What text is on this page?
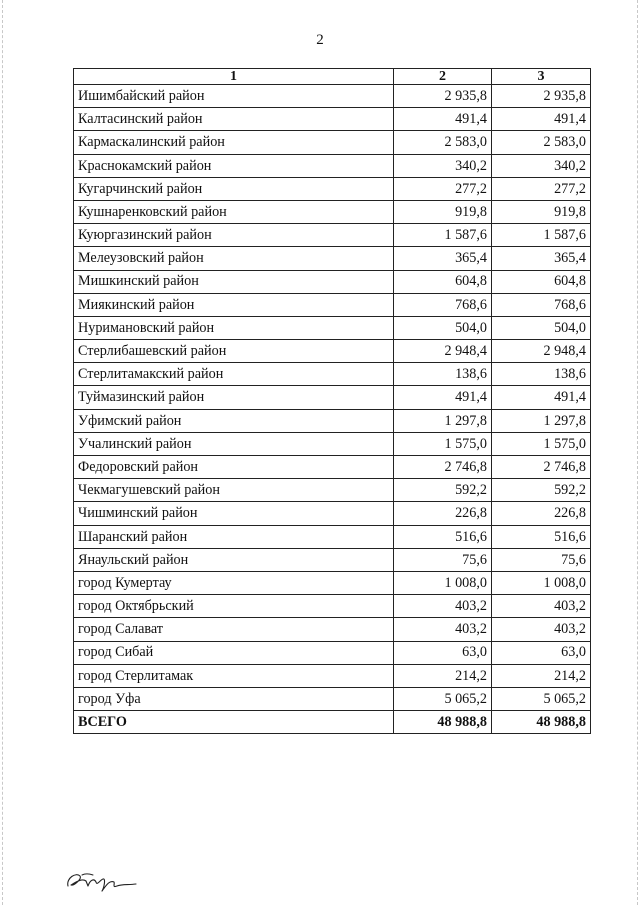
2
1	2	3
Ишимбайский район	2 935,8	2 935,8
Калтасинский район	491,4	491,4
Кармаскалинский район	2 583,0	2 583,0
Краснокамский район	340,2	340,2
Кугарчинский район	277,2	277,2
Кушнаренковский район	919,8	919,8
Куюргазинский район	1 587,6	1 587,6
Мелеузовский район	365,4	365,4
Мишкинский район	604,8	604,8
Миякинский район	768,6	768,6
Нуримановский район	504,0	504,0
Стерлибашевский район	2 948,4	2 948,4
Стерлитамакский район	138,6	138,6
Туймазинский район	491,4	491,4
Уфимский район	1 297,8	1 297,8
Учалинский район	1 575,0	1 575,0
Федоровский район	2 746,8	2 746,8
Чекмагушевский район	592,2	592,2
Чишминский район	226,8	226,8
Шаранский район	516,6	516,6
Янаульский район	75,6	75,6
город Кумертау	1 008,0	1 008,0
город Октябрьский	403,2	403,2
город Салават	403,2	403,2
город Сибай	63,0	63,0
город Стерлитамак	214,2	214,2
город Уфа	5 065,2	5 065,2
ВСЕГО	48 988,8	48 988,8
